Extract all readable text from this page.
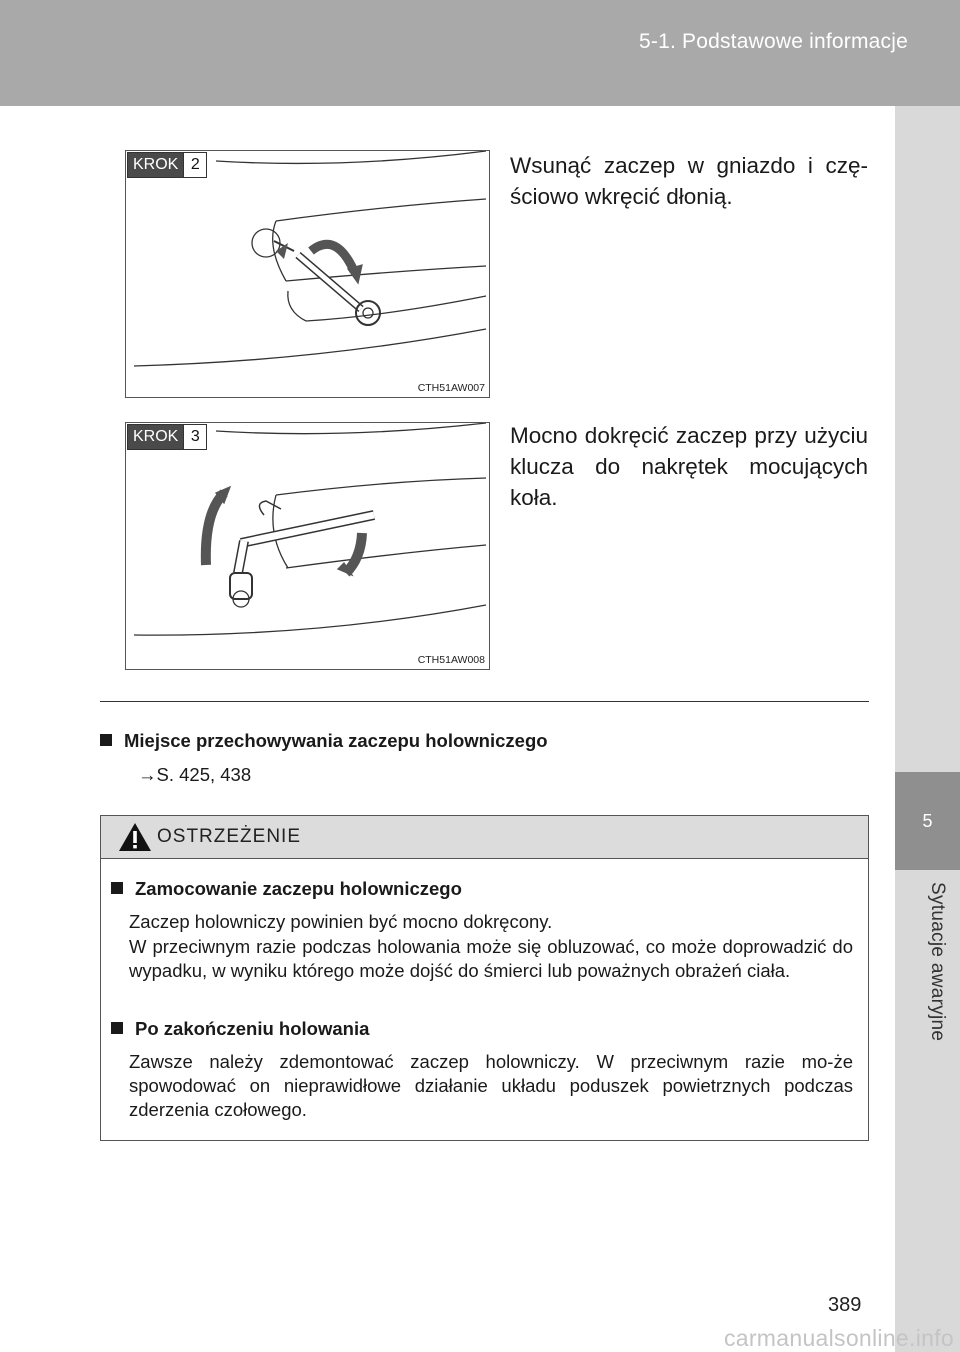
5-1. Podstawowe informacje
5
Sytuacje awaryjne
KROK 2
CTH51AW007
Wsunąć zaczep w gniazdo i czę-ściowo wkręcić dłonią.
KROK 3
CTH51AW008
Mocno dokręcić zaczep przy użyciu klucza do nakrętek mocujących koła.
Miejsce przechowywania zaczepu holowniczego
→S. 425, 438
OSTRZEŻENIE
Zamocowanie zaczepu holowniczego
Zaczep holowniczy powinien być mocno dokręcony.
W przeciwnym razie podczas holowania może się obluzować, co może doprowadzić do wypadku, w wyniku którego może dojść do śmierci lub poważnych obrażeń ciała.
Po zakończeniu holowania
Zawsze należy zdemontować zaczep holowniczy. W przeciwnym razie mo-że spowodować on nieprawidłowe działanie układu poduszek powietrznych podczas zderzenia czołowego.
389
carmanualsonline.info
